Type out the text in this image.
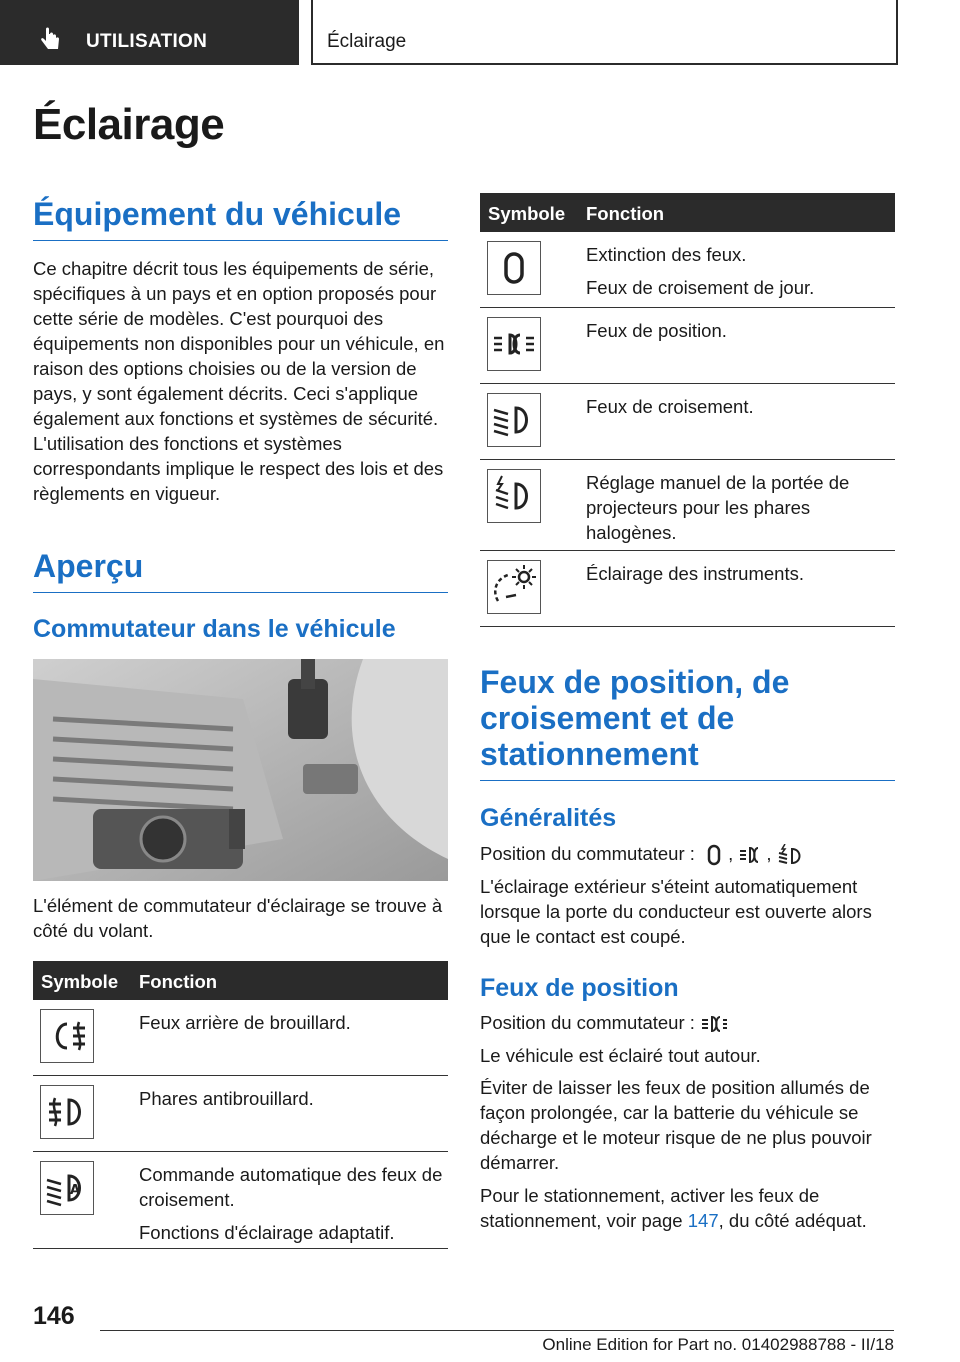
UTILISATION	Éclairage
Éclairage
Équipement du véhicule

Ce chapitre décrit tous les équipements de série, spécifiques à un pays et en option proposés pour cette série de modèles. C'est pourquoi des équipements non disponibles pour un véhicule, en raison des options choisies ou de la version de pays, y sont également décrits. Ceci s'applique également aux fonctions et systèmes de sécurité. L'utilisation des fonctions et systèmes correspondants implique le respect des lois et des règlements en vigueur.

Aperçu
Commutateur dans le véhicule

L'élément de commutateur d'éclairage se trouve à côté du volant.

Symbole Fonction

Feux arrière de brouillard.

Phares antibrouillard.

A

Commande automatique des feux de croisement.

Fonctions d'éclairage adaptatif.

Symbole Fonction

Extinction des feux.

Feux de croisement de jour.

Feux de position.

Feux de croisement.

Réglage manuel de la portée de projecteurs pour les phares halogènes.

Éclairage des instruments.

Feux de position, de croisement et de stationnement
Généralités

Position du commutateur : , ,

L'éclairage extérieur s'éteint automatiquement lorsque la porte du conducteur est ouverte alors que le contact est coupé.

Feux de position

Position du commutateur :

Le véhicule est éclairé tout autour.

Éviter de laisser les feux de position allumés de façon prolongée, car la batterie du véhicule se décharge et le moteur risque de ne plus pouvoir démarrer.

Pour le stationnement, activer les feux de stationnement, voir page 147, du côté adéquat.

146
Online Edition for Part no. 01402988788 - II/18
